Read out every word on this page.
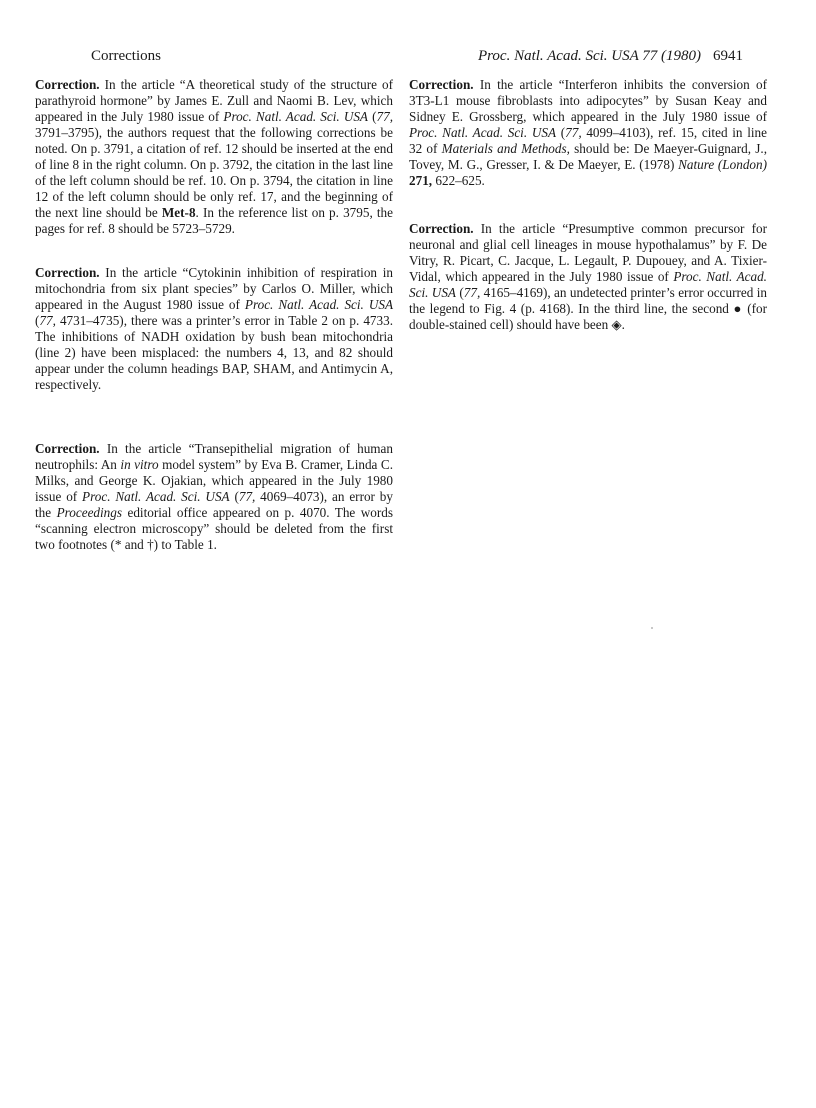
Corrections	Proc. Natl. Acad. Sci. USA 77 (1980) 6941

Correction. In the article “A theoretical study of the structure of parathyroid hormone” by James E. Zull and Naomi B. Lev, which appeared in the July 1980 issue of Proc. Natl. Acad. Sci. USA (77, 3791–3795), the authors request that the following corrections be noted. On p. 3791, a citation of ref. 12 should be inserted at the end of line 8 in the right column. On p. 3792, the citation in the last line of the left column should be ref. 10. On p. 3794, the citation in line 12 of the left column should be only ref. 17, and the beginning of the next line should be Met-8. In the reference list on p. 3795, the pages for ref. 8 should be 5723–5729.

Correction. In the article “Cytokinin inhibition of respiration in mitochondria from six plant species” by Carlos O. Miller, which appeared in the August 1980 issue of Proc. Natl. Acad. Sci. USA (77, 4731–4735), there was a printer’s error in Table 2 on p. 4733. The inhibitions of NADH oxidation by bush bean mitochondria (line 2) have been misplaced: the numbers 4, 13, and 82 should appear under the column headings BAP, SHAM, and Antimycin A, respectively.

Correction. In the article “Transepithelial migration of human neutrophils: An in vitro model system” by Eva B. Cramer, Linda C. Milks, and George K. Ojakian, which appeared in the July 1980 issue of Proc. Natl. Acad. Sci. USA (77, 4069–4073), an error by the Proceedings editorial office appeared on p. 4070. The words “scanning electron microscopy” should be deleted from the first two footnotes (* and †) to Table 1.

Correction. In the article “Interferon inhibits the conversion of 3T3-L1 mouse fibroblasts into adipocytes” by Susan Keay and Sidney E. Grossberg, which appeared in the July 1980 issue of Proc. Natl. Acad. Sci. USA (77, 4099–4103), ref. 15, cited in line 32 of Materials and Methods, should be: De Maeyer-Guignard, J., Tovey, M. G., Gresser, I. & De Maeyer, E. (1978) Nature (London) 271, 622–625.

Correction. In the article “Presumptive common precursor for neuronal and glial cell lineages in mouse hypothalamus” by F. De Vitry, R. Picart, C. Jacque, L. Legault, P. Dupouey, and A. Tixier-Vidal, which appeared in the July 1980 issue of Proc. Natl. Acad. Sci. USA (77, 4165–4169), an undetected printer’s error occurred in the legend to Fig. 4 (p. 4168). In the third line, the second ● (for double-stained cell) should have been ◈.
